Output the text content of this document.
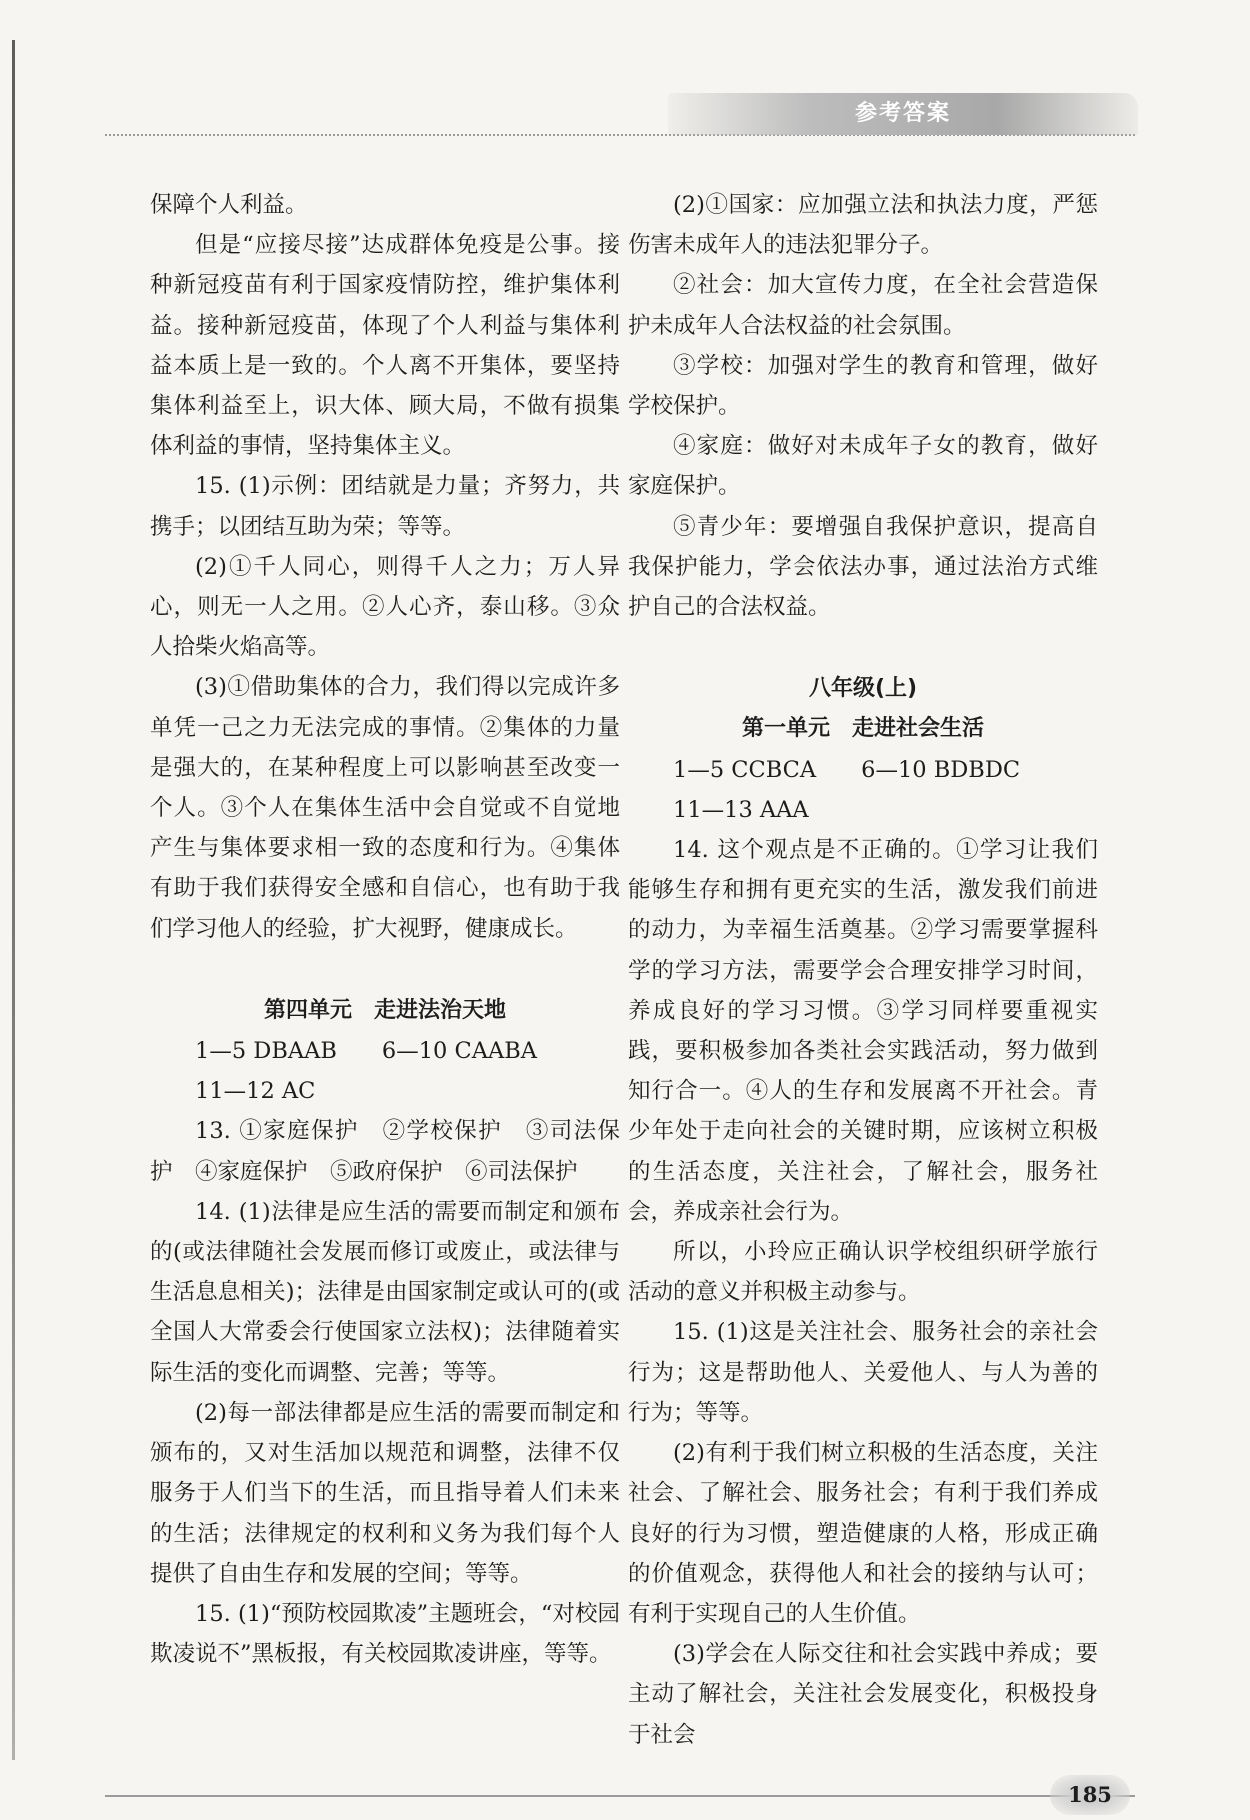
参考答案

保障个人利益。

但是“应接尽接”达成群体免疫是公事。接种新冠疫苗有利于国家疫情防控，维护集体利益。接种新冠疫苗，体现了个人利益与集体利益本质上是一致的。个人离不开集体，要坚持集体利益至上，识大体、顾大局，不做有损集体利益的事情，坚持集体主义。

15. (1)示例：团结就是力量；齐努力，共携手；以团结互助为荣；等等。

(2)①千人同心，则得千人之力；万人异心，则无一人之用。②人心齐，泰山移。③众人拾柴火焰高等。

(3)①借助集体的合力，我们得以完成许多单凭一己之力无法完成的事情。②集体的力量是强大的，在某种程度上可以影响甚至改变一个人。③个人在集体生活中会自觉或不自觉地产生与集体要求相一致的态度和行为。④集体有助于我们获得安全感和自信心，也有助于我们学习他人的经验，扩大视野，健康成长。

第四单元　走进法治天地

1—5 DBAAB　　6—10 CAABA

11—12 AC

13. ①家庭保护　②学校保护　③司法保护　④家庭保护　⑤政府保护　⑥司法保护

14. (1)法律是应生活的需要而制定和颁布的(或法律随社会发展而修订或废止，或法律与生活息息相关)；法律是由国家制定或认可的(或全国人大常委会行使国家立法权)；法律随着实际生活的变化而调整、完善；等等。

(2)每一部法律都是应生活的需要而制定和颁布的，又对生活加以规范和调整，法律不仅服务于人们当下的生活，而且指导着人们未来的生活；法律规定的权利和义务为我们每个人提供了自由生存和发展的空间；等等。

15. (1)“预防校园欺凌”主题班会，“对校园欺凌说不”黑板报，有关校园欺凌讲座，等等。

(2)①国家：应加强立法和执法力度，严惩伤害未成年人的违法犯罪分子。

②社会：加大宣传力度，在全社会营造保护未成年人合法权益的社会氛围。

③学校：加强对学生的教育和管理，做好学校保护。

④家庭：做好对未成年子女的教育，做好家庭保护。

⑤青少年：要增强自我保护意识，提高自我保护能力，学会依法办事，通过法治方式维护自己的合法权益。

八年级(上)
第一单元　走进社会生活

1—5 CCBCA　　6—10 BDBDC

11—13 AAA

14. 这个观点是不正确的。①学习让我们能够生存和拥有更充实的生活，激发我们前进的动力，为幸福生活奠基。②学习需要掌握科学的学习方法，需要学会合理安排学习时间，养成良好的学习习惯。③学习同样要重视实践，要积极参加各类社会实践活动，努力做到知行合一。④人的生存和发展离不开社会。青少年处于走向社会的关键时期，应该树立积极的生活态度，关注社会，了解社会，服务社会，养成亲社会行为。

所以，小玲应正确认识学校组织研学旅行活动的意义并积极主动参与。

15. (1)这是关注社会、服务社会的亲社会行为；这是帮助他人、关爱他人、与人为善的行为；等等。

(2)有利于我们树立积极的生活态度，关注社会、了解社会、服务社会；有利于我们养成良好的行为习惯，塑造健康的人格，形成正确的价值观念，获得他人和社会的接纳与认可；有利于实现自己的人生价值。

(3)学会在人际交往和社会实践中养成；要主动了解社会，关注社会发展变化，积极投身于社会

185
